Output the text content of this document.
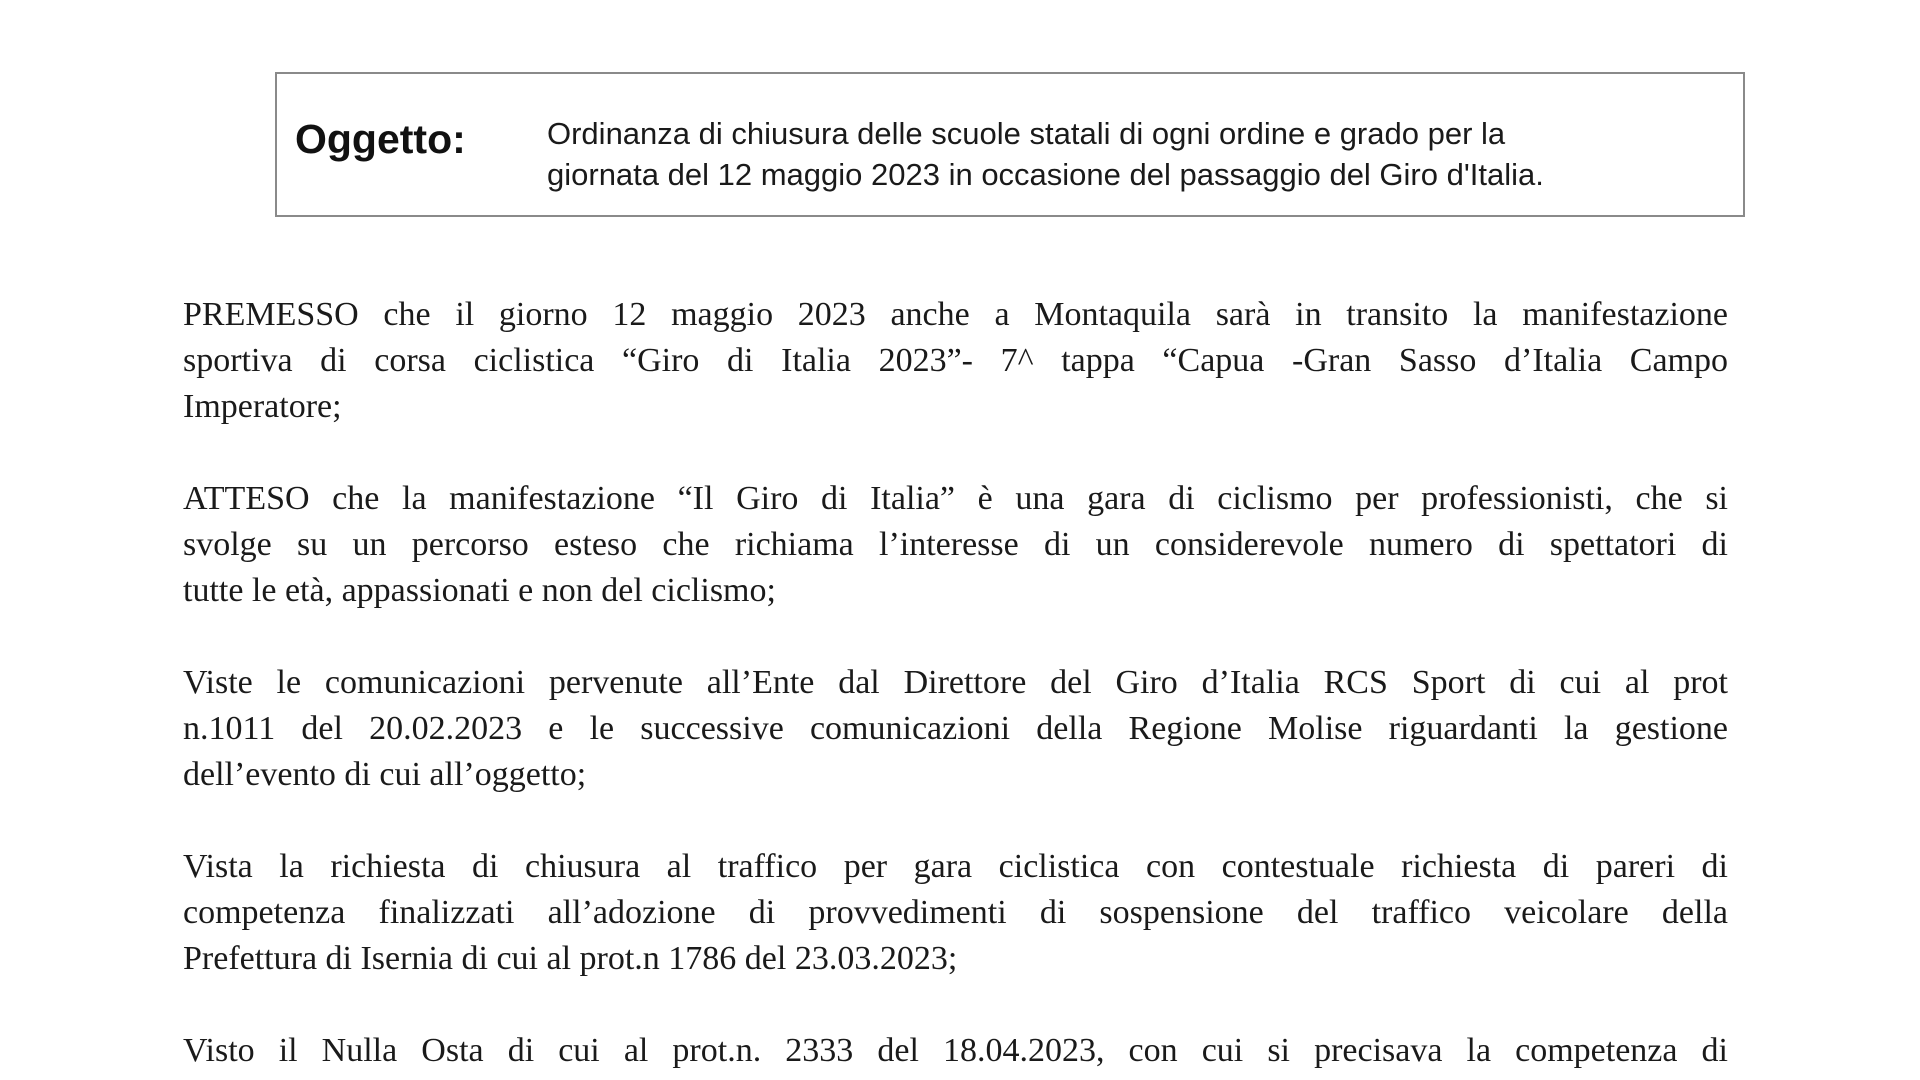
Oggetto:	Ordinanza di chiusura delle scuole statali di ogni ordine e grado per la
giornata del 12 maggio 2023 in occasione del passaggio del Giro d'Italia.
PREMESSO che il giorno 12 maggio 2023 anche a Montaquila sarà in transito la manifestazione
sportiva di corsa ciclistica “Giro di Italia 2023”- 7^ tappa “Capua -Gran Sasso d’Italia Campo
Imperatore;
ATTESO che la manifestazione “Il Giro di Italia” è una gara di ciclismo per professionisti, che si
svolge su un percorso esteso che richiama l’interesse di un considerevole numero di spettatori di
tutte le età, appassionati e non del ciclismo;
Viste le comunicazioni pervenute all’Ente dal Direttore del Giro d’Italia RCS Sport di cui al prot
n.1011 del 20.02.2023 e le successive comunicazioni della Regione Molise riguardanti la gestione
dell’evento di cui all’oggetto;
Vista la richiesta di chiusura al traffico per gara ciclistica con contestuale richiesta di pareri di
competenza finalizzati all’adozione di provvedimenti di sospensione del traffico veicolare della
Prefettura di Isernia di cui al prot.n 1786 del 23.03.2023;
Visto il Nulla Osta di cui al prot.n. 2333 del 18.04.2023, con cui si precisava la competenza di
